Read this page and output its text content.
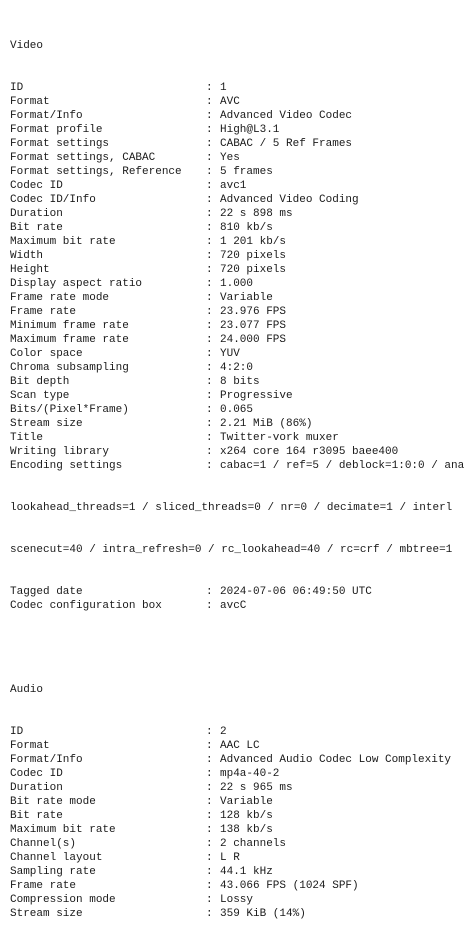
Video

ID	: 1
Format	: AVC
Format/Info	: Advanced Video Codec
Format profile	: High@L3.1
Format settings	: CABAC / 5 Ref Frames
Format settings, CABAC	: Yes
Format settings, Reference	: 5 frames
Codec ID	: avc1
Codec ID/Info	: Advanced Video Coding
Duration	: 22 s 898 ms
Bit rate	: 810 kb/s
Maximum bit rate	: 1 201 kb/s
Width	: 720 pixels
Height	: 720 pixels
Display aspect ratio	: 1.000
Frame rate mode	: Variable
Frame rate	: 23.976 FPS
Minimum frame rate	: 23.077 FPS
Maximum frame rate	: 24.000 FPS
Color space	: YUV
Chroma subsampling	: 4:2:0
Bit depth	: 8 bits
Scan type	: Progressive
Bits/(Pixel*Frame)	: 0.065
Stream size	: 2.21 MiB (86%)
Title	: Twitter-vork muxer
Writing library	: x264 core 164 r3095 baee400
Encoding settings	: cabac=1 / ref=5 / deblock=1:0:0 / ana

lookahead_threads=1 / sliced_threads=0 / nr=0 / decimate=1 / interl

scenecut=40 / intra_refresh=0 / rc_lookahead=40 / rc=crf / mbtree=1

Tagged date	: 2024-07-06 06:49:50 UTC
Codec configuration box	: avcC

Audio

ID	: 2
Format	: AAC LC
Format/Info	: Advanced Audio Codec Low Complexity
Codec ID	: mp4a-40-2
Duration	: 22 s 965 ms
Bit rate mode	: Variable
Bit rate	: 128 kb/s
Maximum bit rate	: 138 kb/s
Channel(s)	: 2 channels
Channel layout	: L R
Sampling rate	: 44.1 kHz
Frame rate	: 43.066 FPS (1024 SPF)
Compression mode	: Lossy
Stream size	: 359 KiB (14%)
